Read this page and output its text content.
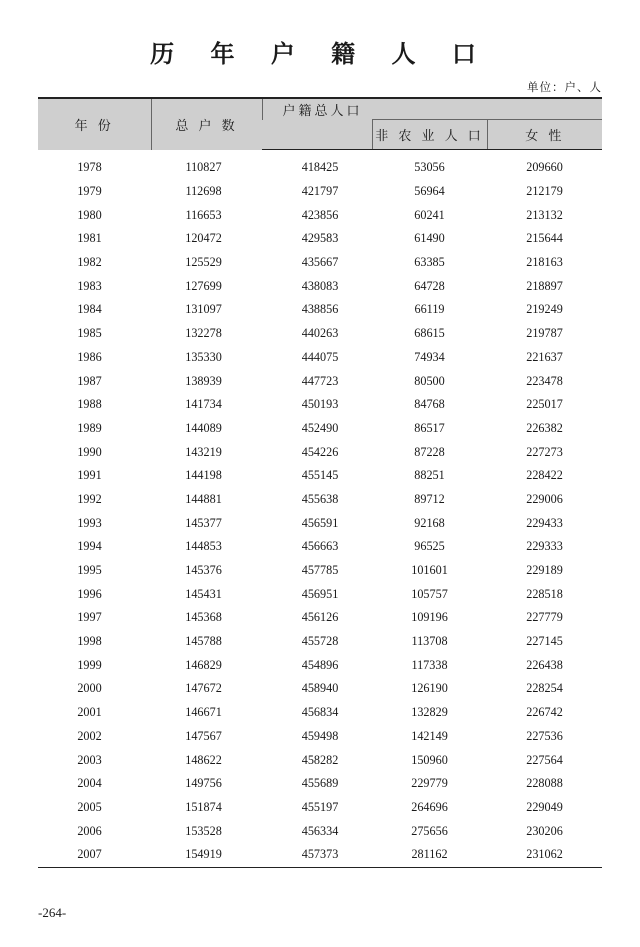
历 年 户 籍 人 口
单位：户、人
年 份	总 户 数	户籍总人口		
			非 农 业 人 口	女 性
1978	110827	418425	53056	209660
1979	112698	421797	56964	212179
1980	116653	423856	60241	213132
1981	120472	429583	61490	215644
1982	125529	435667	63385	218163
1983	127699	438083	64728	218897
1984	131097	438856	66119	219249
1985	132278	440263	68615	219787
1986	135330	444075	74934	221637
1987	138939	447723	80500	223478
1988	141734	450193	84768	225017
1989	144089	452490	86517	226382
1990	143219	454226	87228	227273
1991	144198	455145	88251	228422
1992	144881	455638	89712	229006
1993	145377	456591	92168	229433
1994	144853	456663	96525	229333
1995	145376	457785	101601	229189
1996	145431	456951	105757	228518
1997	145368	456126	109196	227779
1998	145788	455728	113708	227145
1999	146829	454896	117338	226438
2000	147672	458940	126190	228254
2001	146671	456834	132829	226742
2002	147567	459498	142149	227536
2003	148622	458282	150960	227564
2004	149756	455689	229779	228088
2005	151874	455197	264696	229049
2006	153528	456334	275656	230206
2007	154919	457373	281162	231062
-264-
